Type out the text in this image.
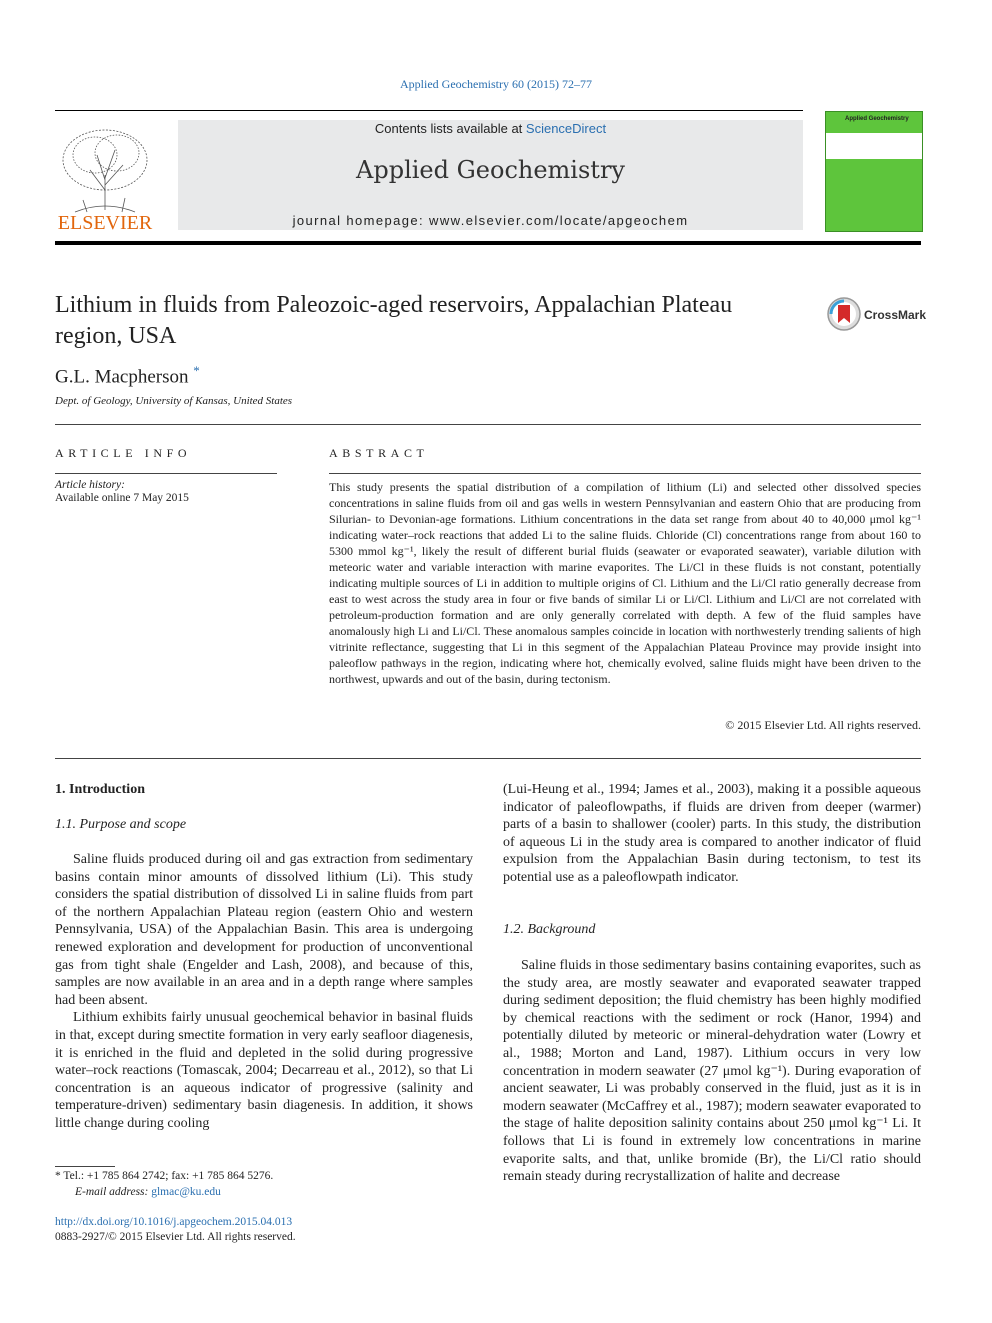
Applied Geochemistry 60 (2015) 72–77
ELSEVIER
Contents lists available at ScienceDirect
Applied Geochemistry
journal homepage: www.elsevier.com/locate/apgeochem
Applied Geochemistry
Lithium in fluids from Paleozoic-aged reservoirs, Appalachian Plateau region, USA
CrossMark
G.L. Macpherson *
Dept. of Geology, University of Kansas, United States
ARTICLE INFO	ABSTRACT
Article history:
Available online 7 May 2015
This study presents the spatial distribution of a compilation of lithium (Li) and selected other dissolved species concentrations in saline fluids from oil and gas wells in western Pennsylvanian and eastern Ohio that are producing from Silurian- to Devonian-age formations. Lithium concentrations in the data set range from about 40 to 40,000 μmol kg⁻¹ indicating water–rock reactions that added Li to the saline fluids. Chloride (Cl) concentrations range from about 160 to 5300 mmol kg⁻¹, likely the result of different burial fluids (seawater or evaporated seawater), variable dilution with meteoric water and variable interaction with marine evaporites. The Li/Cl in these fluids is not constant, potentially indicating multiple sources of Li in addition to multiple origins of Cl. Lithium and the Li/Cl ratio generally decrease from east to west across the study area in four or five bands of similar Li or Li/Cl. Lithium and Li/Cl are not correlated with petroleum-production formation and are only generally correlated with depth. A few of the fluid samples have anomalously high Li and Li/Cl. These anomalous samples coincide in location with northwesterly trending salients of high vitrinite reflectance, suggesting that Li in this segment of the Appalachian Plateau Province may provide insight into paleoflow pathways in the region, indicating where hot, chemically evolved, saline fluids might have been driven to the northwest, upwards and out of the basin, during tectonism.
© 2015 Elsevier Ltd. All rights reserved.
1. Introduction
1.1. Purpose and scope

Saline fluids produced during oil and gas extraction from sedimentary basins contain minor amounts of dissolved lithium (Li). This study considers the spatial distribution of dissolved Li in saline fluids from part of the northern Appalachian Plateau region (eastern Ohio and western Pennsylvania, USA) of the Appalachian Basin. This area is undergoing renewed exploration and development for production of unconventional gas from tight shale (Engelder and Lash, 2008), and because of this, samples are now available in an area and in a depth range where samples had been absent.

Lithium exhibits fairly unusual geochemical behavior in basinal fluids in that, except during smectite formation in very early seafloor diagenesis, it is enriched in the fluid and depleted in the solid during progressive water–rock reactions (Tomascak, 2004; Decarreau et al., 2012), so that Li concentration is an aqueous indicator of progressive (salinity and temperature-driven) sedimentary basin diagenesis. In addition, it shows little change during cooling

(Lui-Heung et al., 1994; James et al., 2003), making it a possible aqueous indicator of paleoflowpaths, if fluids are driven from deeper (warmer) parts of a basin to shallower (cooler) parts. In this study, the distribution of aqueous Li in the study area is compared to another indicator of fluid expulsion from the Appalachian Basin during tectonism, to test its potential use as a paleoflowpath indicator.

1.2. Background

Saline fluids in those sedimentary basins containing evaporites, such as the study area, are mostly seawater and evaporated seawater trapped during sediment deposition; the fluid chemistry has been highly modified by chemical reactions with the sediment or rock (Hanor, 1994) and potentially diluted by meteoric or mineral-dehydration water (Lowry et al., 1988; Morton and Land, 1987). Lithium occurs in very low concentration in modern seawater (27 μmol kg⁻¹). During evaporation of ancient seawater, Li was probably conserved in the fluid, just as it is in modern seawater (McCaffrey et al., 1987); modern seawater evaporated to the stage of halite deposition salinity contains about 250 μmol kg⁻¹ Li. It follows that Li is found in extremely low concentrations in marine evaporite salts, and that, unlike bromide (Br), the Li/Cl ratio should remain steady during recrystallization of halite and decrease

* Tel.: +1 785 864 2742; fax: +1 785 864 5276.
E-mail address: glmac@ku.edu
http://dx.doi.org/10.1016/j.apgeochem.2015.04.013
0883-2927/© 2015 Elsevier Ltd. All rights reserved.
